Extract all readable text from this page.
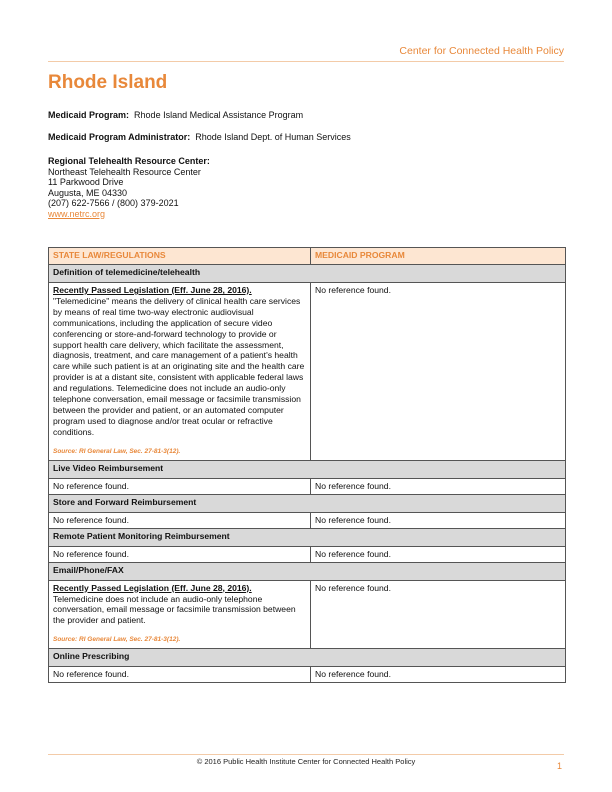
Center for Connected Health Policy
Rhode Island
Medicaid Program: Rhode Island Medical Assistance Program
Medicaid Program Administrator: Rhode Island Dept. of Human Services
Regional Telehealth Resource Center:
Northeast Telehealth Resource Center
11 Parkwood Drive
Augusta, ME 04330
(207) 622-7566 / (800) 379-2021
www.netrc.org
STATE LAW/REGULATIONS	MEDICAID PROGRAM
Definition of telemedicine/telehealth	
Recently Passed Legislation (Eff. June 28, 2016).
"Telemedicine" means the delivery of clinical health care services by means of real time two-way electronic audiovisual communications, including the application of secure video conferencing or store-and-forward technology to provide or support health care delivery, which facilitate the assessment, diagnosis, treatment, and care management of a patient's health care while such patient is at an originating site and the health care provider is at a distant site, consistent with applicable federal laws and regulations. Telemedicine does not include an audio-only telephone conversation, email message or facsimile transmission between the provider and patient, or an automated computer program used to diagnose and/or treat ocular or refractive conditions.
Source: RI General Law, Sec. 27-81-3(12).	No reference found.
Live Video Reimbursement	
No reference found.	No reference found.
Store and Forward Reimbursement	
No reference found.	No reference found.
Remote Patient Monitoring Reimbursement	
No reference found.	No reference found.
Email/Phone/FAX	
Recently Passed Legislation (Eff. June 28, 2016).
Telemedicine does not include an audio-only telephone conversation, email message or facsimile transmission between the provider and patient.
Source: RI General Law, Sec. 27-81-3(12).	No reference found.
Online Prescribing	
No reference found.	No reference found.
© 2016 Public Health Institute Center for Connected Health Policy	1
